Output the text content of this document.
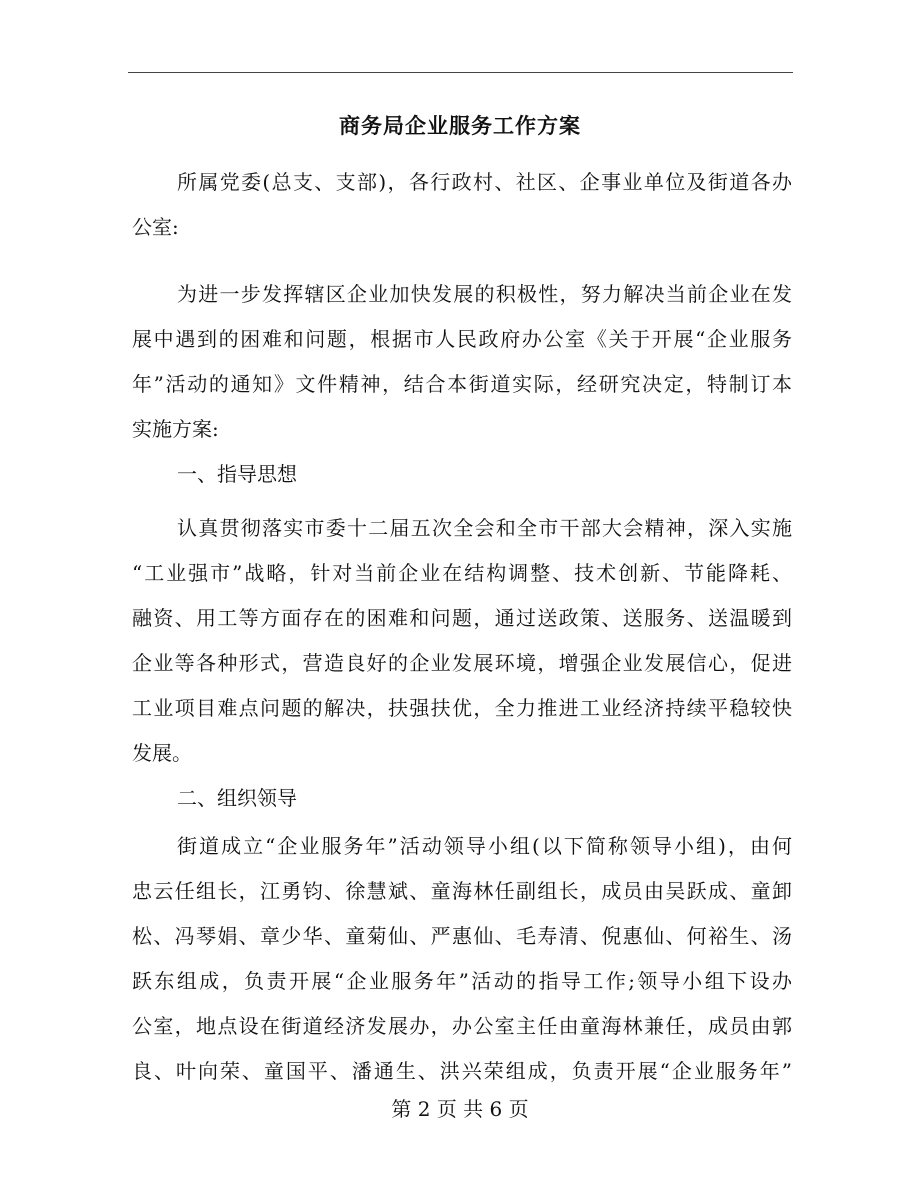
商务局企业服务工作方案
所属党委(总支、支部)，各行政村、社区、企事业单位及街道各办
公室:
为进一步发挥辖区企业加快发展的积极性，努力解决当前企业在发
展中遇到的困难和问题，根据市人民政府办公室《关于开展“企业服务
年”活动的通知》文件精神，结合本街道实际，经研究决定，特制订本
实施方案:
一、指导思想
认真贯彻落实市委十二届五次全会和全市干部大会精神，深入实施
“工业强市”战略，针对当前企业在结构调整、技术创新、节能降耗、
融资、用工等方面存在的困难和问题，通过送政策、送服务、送温暖到
企业等各种形式，营造良好的企业发展环境，增强企业发展信心，促进
工业项目难点问题的解决，扶强扶优，全力推进工业经济持续平稳较快
发展。
二、组织领导
街道成立“企业服务年”活动领导小组(以下简称领导小组)，由何
忠云任组长，江勇钧、徐慧斌、童海林任副组长，成员由吴跃成、童卸
松、冯琴娟、章少华、童菊仙、严惠仙、毛寿清、倪惠仙、何裕生、汤
跃东组成，负责开展“企业服务年”活动的指导工作;领导小组下设办
公室，地点设在街道经济发展办，办公室主任由童海林兼任，成员由郭
良、叶向荣、童国平、潘通生、洪兴荣组成，负责开展“企业服务年”
第 2 页 共 6 页
